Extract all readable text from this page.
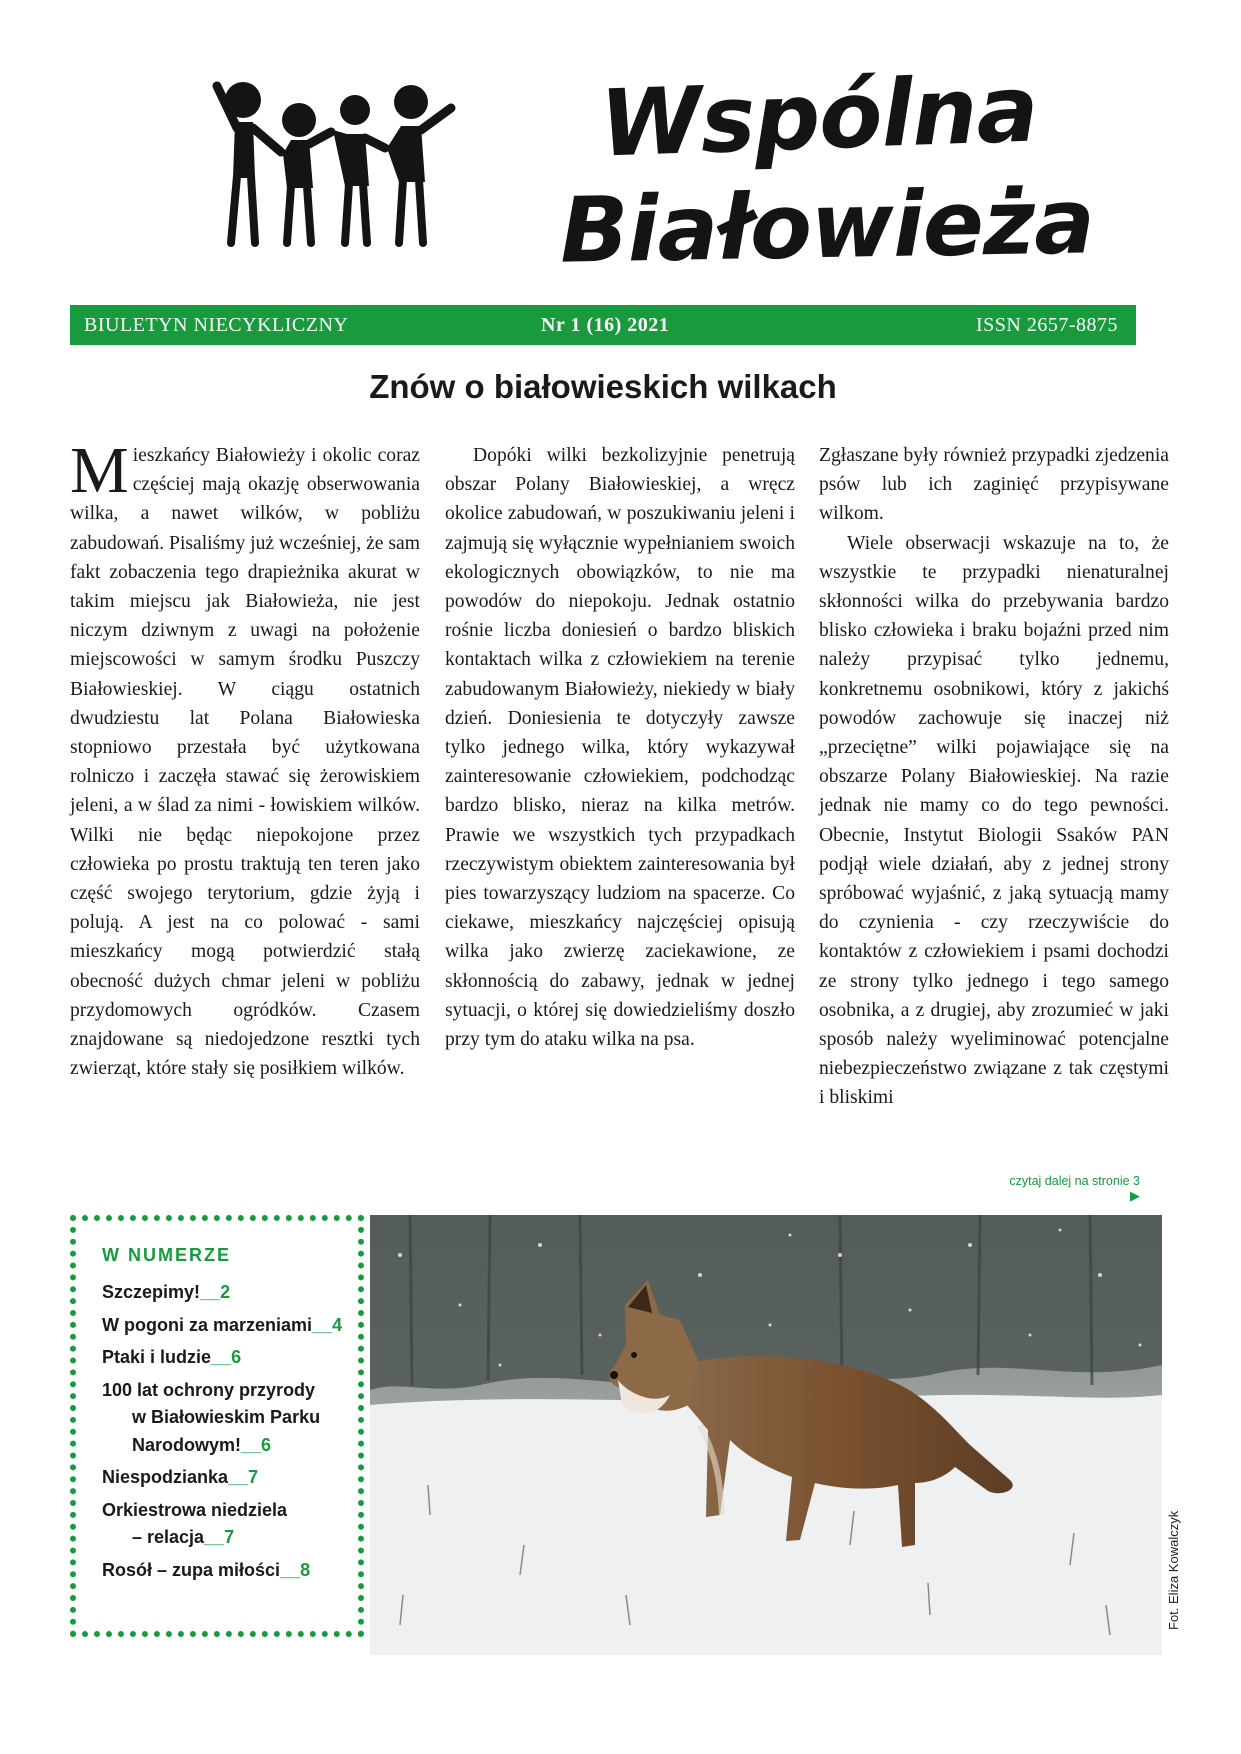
Wspólna
Białowieża
BIULETYN NIECYKLICZNY	Nr 1 (16) 2021	ISSN 2657-8875
Znów o białowieskich wilkach

Mieszkańcy Białowieży i okolic coraz częściej mają okazję obserwowania wilka, a nawet wilków, w pobliżu zabudowań. Pisaliśmy już wcześniej, że sam fakt zobaczenia tego drapieżnika akurat w takim miejscu jak Białowieża, nie jest niczym dziwnym z uwagi na położenie miejscowości w samym środku Puszczy Białowieskiej. W ciągu ostatnich dwudziestu lat Polana Białowieska stopniowo przestała być użytkowana rolniczo i zaczęła stawać się żerowiskiem jeleni, a w ślad za nimi - łowiskiem wilków. Wilki nie będąc niepokojone przez człowieka po prostu traktują ten teren jako część swojego terytorium, gdzie żyją i polują. A jest na co polować - sami mieszkańcy mogą potwierdzić stałą obecność dużych chmar jeleni w pobliżu przydomowych ogródków. Czasem znajdowane są niedojedzone resztki tych zwierząt, które stały się posiłkiem wilków.

Dopóki wilki bezkolizyjnie penetrują obszar Polany Białowieskiej, a wręcz okolice zabudowań, w poszukiwaniu jeleni i zajmują się wyłącznie wypełnianiem swoich ekologicznych obowiązków, to nie ma powodów do niepokoju. Jednak ostatnio rośnie liczba doniesień o bardzo bliskich kontaktach wilka z człowiekiem na terenie zabudowanym Białowieży, niekiedy w biały dzień. Doniesienia te dotyczyły zawsze tylko jednego wilka, który wykazywał zainteresowanie człowiekiem, podchodząc bardzo blisko, nieraz na kilka metrów. Prawie we wszystkich tych przypadkach rzeczywistym obiektem zainteresowania był pies towarzyszący ludziom na spacerze. Co ciekawe, mieszkańcy najczęściej opisują wilka jako zwierzę zaciekawione, ze skłonnością do zabawy, jednak w jednej sytuacji, o której się dowiedzieliśmy doszło przy tym do ataku wilka na psa.

Zgłaszane były również przypadki zjedzenia psów lub ich zaginięć przypisywane wilkom.

Wiele obserwacji wskazuje na to, że wszystkie te przypadki nienaturalnej skłonności wilka do przebywania bardzo blisko człowieka i braku bojaźni przed nim należy przypisać tylko jednemu, konkretnemu osobnikowi, który z jakichś powodów zachowuje się inaczej niż „przeciętne” wilki pojawiające się na obszarze Polany Białowieskiej. Na razie jednak nie mamy co do tego pewności. Obecnie, Instytut Biologii Ssaków PAN podjął wiele działań, aby z jednej strony spróbować wyjaśnić, z jaką sytuacją mamy do czynienia - czy rzeczywiście do kontaktów z człowiekiem i psami dochodzi ze strony tylko jednego i tego samego osobnika, a z drugiej, aby zrozumieć w jaki sposób należy wyeliminować potencjalne niebezpieczeństwo związane z tak częstymi i bliskimi

czytaj dalej na stronie 3▶
W NUMERZE
Szczepimy! __ 2
W pogoni za marzeniami __ 4
Ptaki i ludzie __ 6
100 lat ochrony przyrody
w Białowieskim Parku Narodowym! __ 6
Niespodzianka __ 7
Orkiestrowa niedziela
– relacja __ 7
Rosół – zupa miłości __ 8	Fot. Eliza Kowalczyk
